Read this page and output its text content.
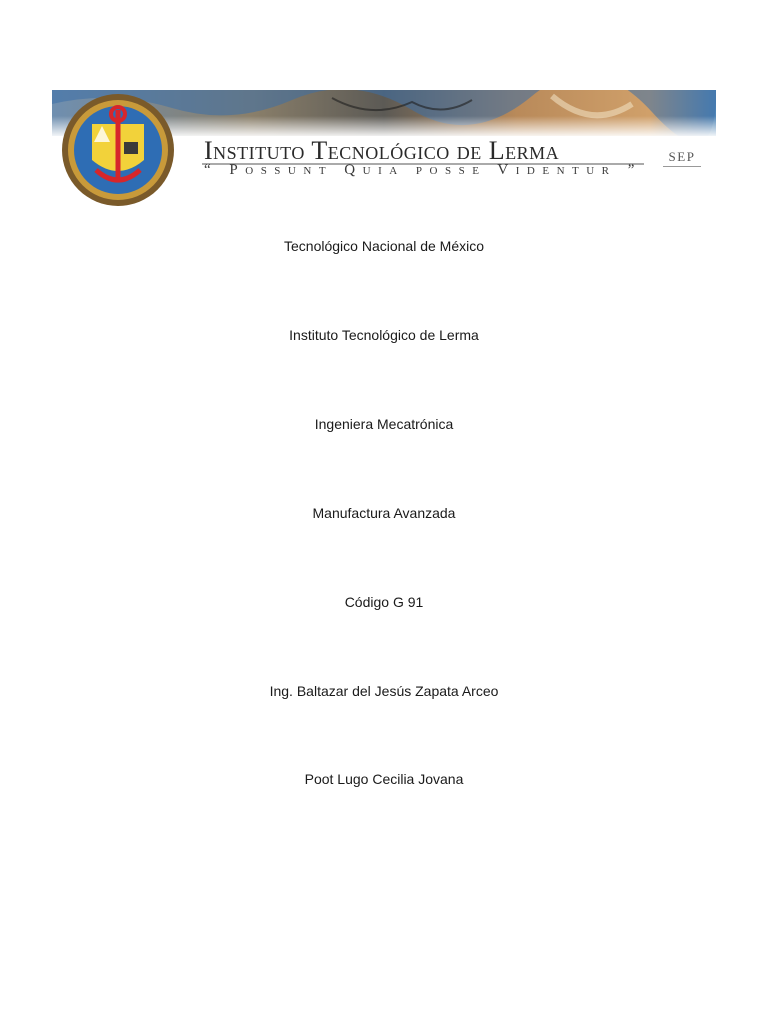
Instituto Tecnológico de Lerma
“ Possunt Quia posse Videntur ”
SEP
Tecnológico Nacional de México
Instituto Tecnológico de Lerma
Ingeniera Mecatrónica
Manufactura Avanzada
Código G 91
Ing. Baltazar del Jesús Zapata Arceo
Poot Lugo Cecilia Jovana
